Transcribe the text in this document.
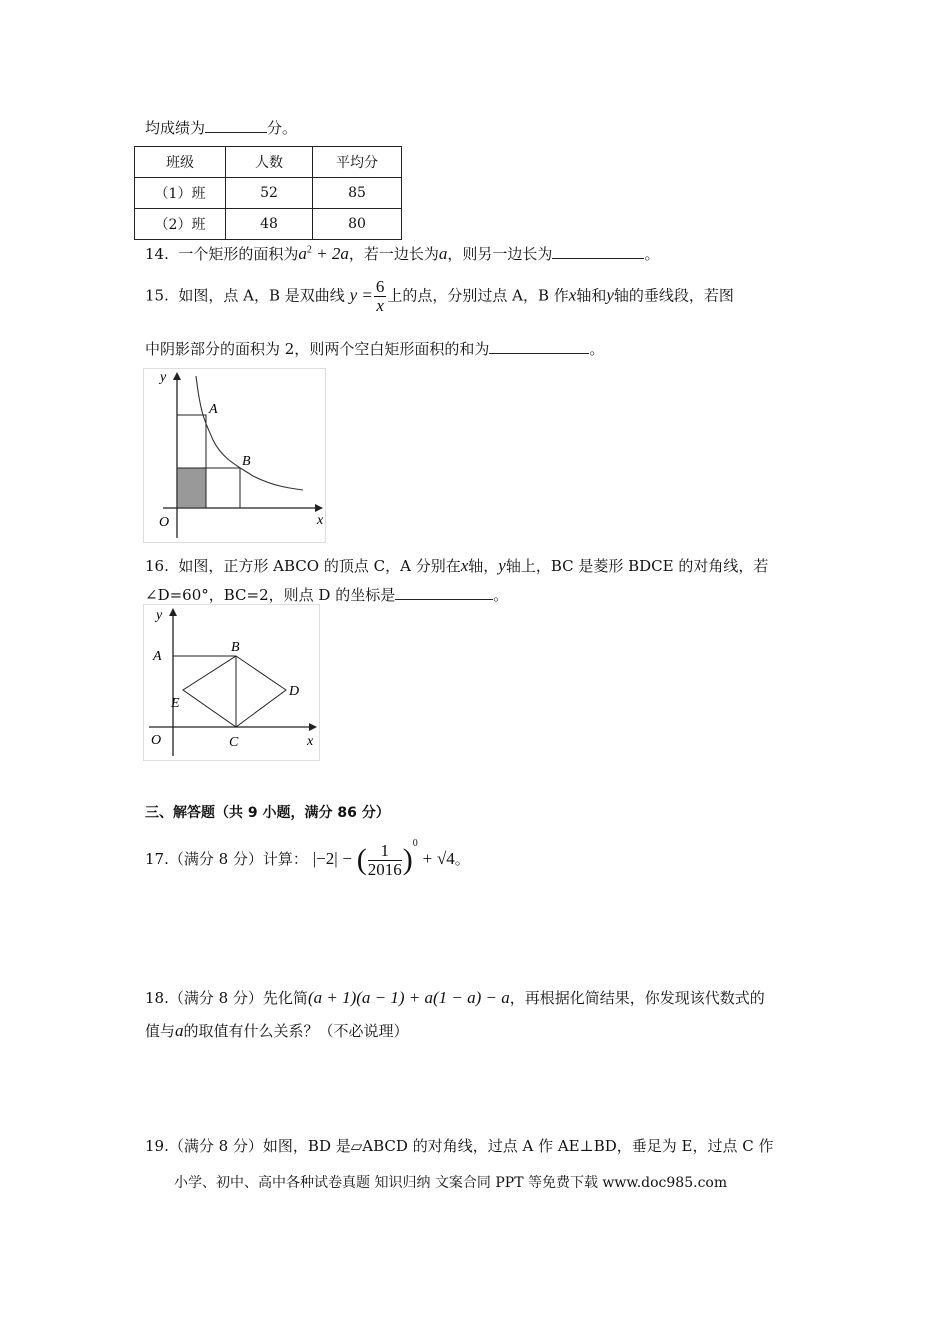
均成绩为	分。
班级	人数	平均分
（1）班	52	85
（2）班	48	80
14. 一个矩形的面积为$a^2 + 2a$，若一边长为a，则另一边长为	。
15. 如图，点 A，B 是双曲线 $y = \frac{6}{x}$ 上的点，分别过点 A，B 作x轴和y轴的垂线段，若图
中阴影部分的面积为 2，则两个空白矩形面积的和为	。
y
x
O
A
B
16. 如图，正方形 ABCO 的顶点 C，A 分别在x轴，y轴上，BC 是菱形 BDCE 的对角线，若
∠D=60°，BC=2，则点 D 的坐标是	。
y
x
O
A
B
C
D
E
三、解答题（共 9 小题，满分 86 分）
17.（满分 8 分）计算： |−2| − ( $\frac{1}{2016} )^0 + √4$。
18.（满分 8 分）先化简(a + 1)(a − 1) + a(1 − a) − a，再根据化简结果，你发现该代数式的
值与a的取值有什么关系？（不必说理）
19.（满分 8 分）如图，BD 是▱ABCD 的对角线，过点 A 作 AE⊥BD，垂足为 E，过点 C 作
小学、初中、高中各种试卷真题 知识归纳 文案合同 PPT 等免费下载 www.doc985.com
